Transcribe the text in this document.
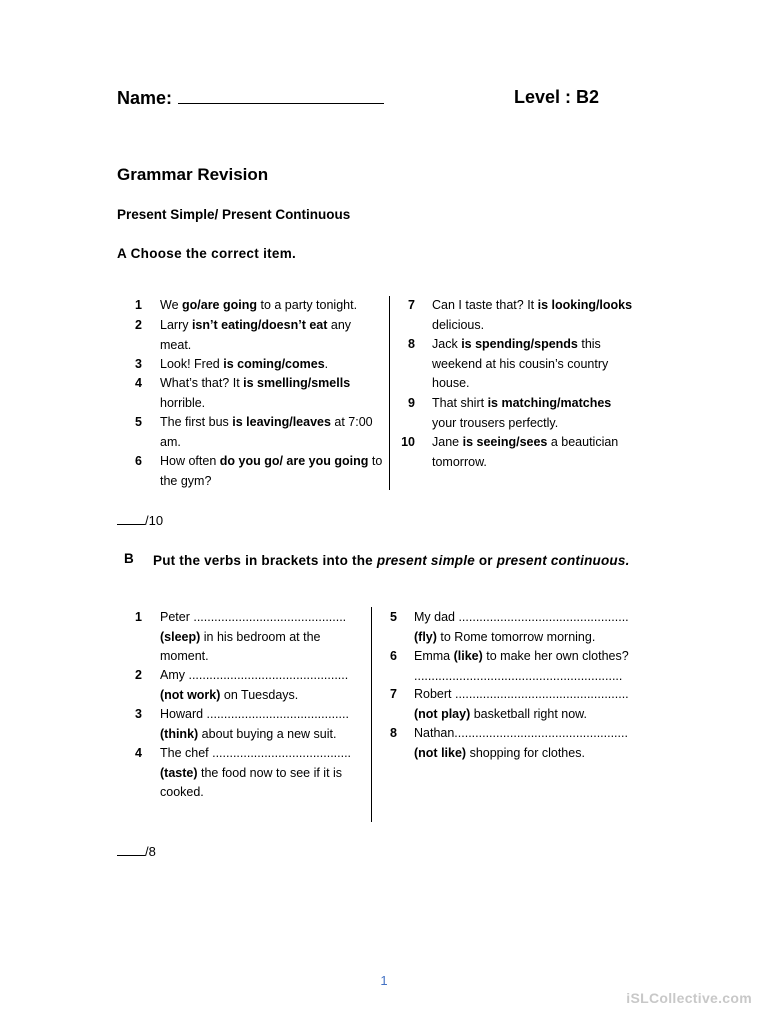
Name:	Level : B2
Grammar Revision
Present Simple/ Present Continuous
A Choose the correct item.
1 We go/are going to a party tonight.
2 Larry isn’t eating/doesn’t eat any meat.
3 Look! Fred is coming/comes.
4 What’s that? It is smelling/smells horrible.
5 The first bus is leaving/leaves at 7:00 am.
6 How often do you go/ are you going to the gym?
7 Can I taste that? It is looking/looks delicious.
8 Jack is spending/spends this weekend at his cousin’s country house.
9 That shirt is matching/matches your trousers perfectly.
10 Jane is seeing/sees a beautician tomorrow.
/10
B Put the verbs in brackets into the present simple or present continuous.
1 Peter ............................................ (sleep) in his bedroom at the moment.
2 Amy .............................................. (not work) on Tuesdays.
3 Howard ......................................... (think) about buying a new suit.
4 The chef ........................................ (taste) the food now to see if it is cooked.
5 My dad ................................................. (fly) to Rome tomorrow morning.
6 Emma (like) to make her own clothes? ............................................................
7 Robert .................................................. (not play) basketball right now.
8 Nathan.................................................. (not like) shopping for clothes.
/8
1
iSLCollective.com
